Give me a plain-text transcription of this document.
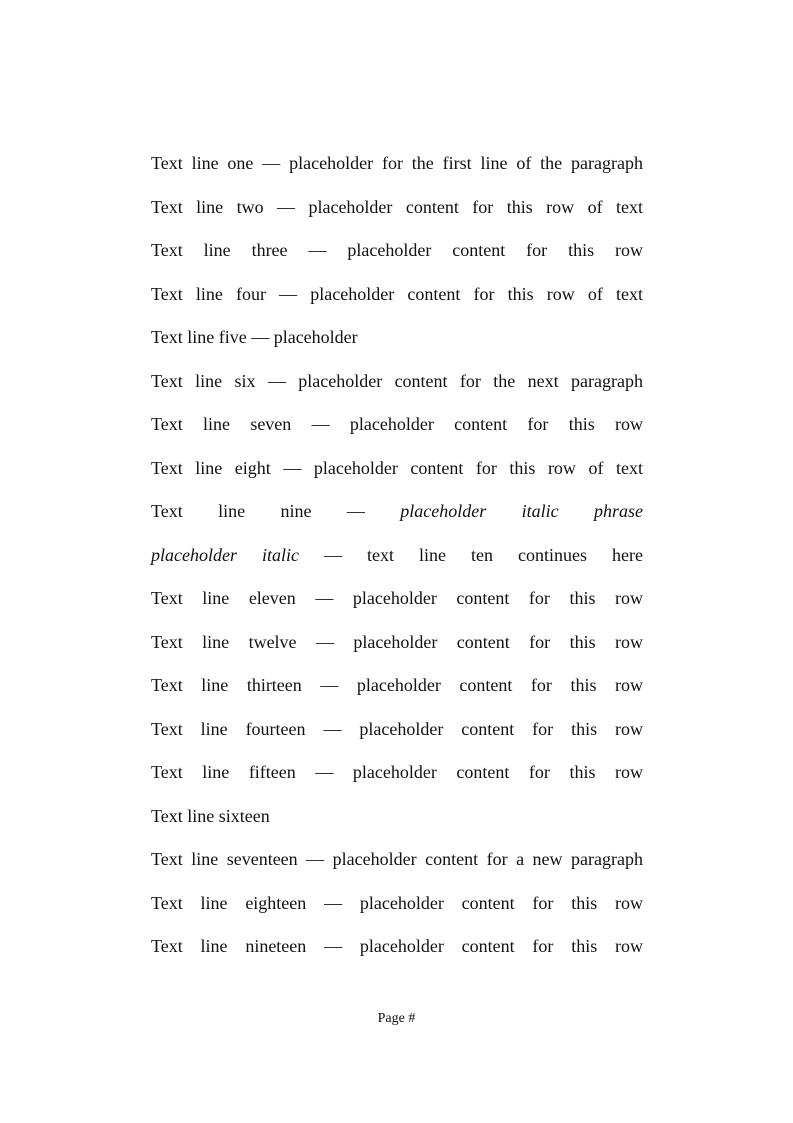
Text line one — placeholder for the first line of the paragraph
Text line two — placeholder content for this row of text
Text line three — placeholder content for this row
Text line four — placeholder content for this row of text
Text line five — placeholder
Text line six — placeholder content for the next paragraph
Text line seven — placeholder content for this row
Text line eight — placeholder content for this row of text
Text line nine — placeholder italic phrase
placeholder italic — text line ten continues here
Text line eleven — placeholder content for this row
Text line twelve — placeholder content for this row
Text line thirteen — placeholder content for this row
Text line fourteen — placeholder content for this row
Text line fifteen — placeholder content for this row
Text line sixteen
Text line seventeen — placeholder content for a new paragraph
Text line eighteen — placeholder content for this row
Text line nineteen — placeholder content for this row
Page #
